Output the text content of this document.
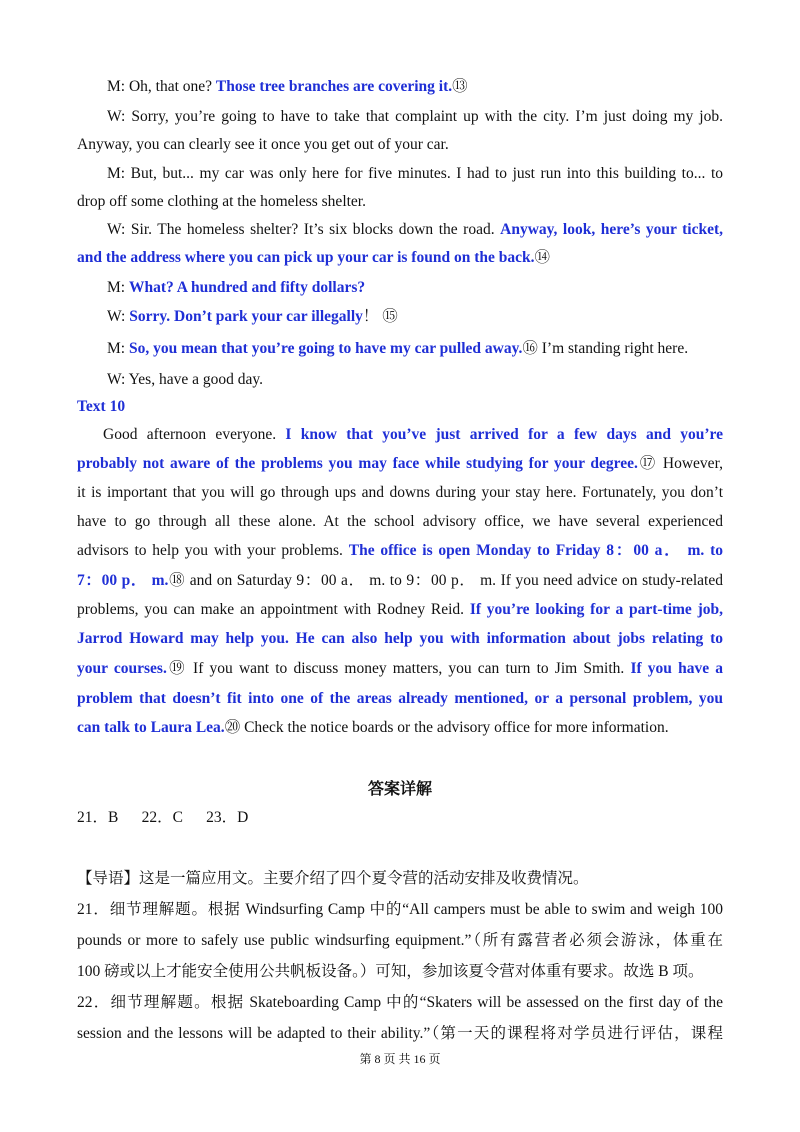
M: Oh, that one? Those tree branches are covering it.⑬
W: Sorry, you’re going to have to take that complaint up with the city. I’m just doing my job.
Anyway, you can clearly see it once you get out of your car.
M: But, but... my car was only here for five minutes. I had to just run into this building to... to
drop off some clothing at the homeless shelter.
W: Sir. The homeless shelter? It’s six blocks down the road. Anyway, look, here’s your ticket,
and the address where you can pick up your car is found on the back.⑭
M: What? A hundred and fifty dollars?
W: Sorry. Don’t park your car illegally！ ⑮
M: So, you mean that you’re going to have my car pulled away.⑯ I’m standing right here.
W: Yes, have a good day.
Text 10
Good afternoon everyone. I know that you’ve just arrived for a few days and you’re
probably not aware of the problems you may face while studying for your degree.⑰ However,
it is important that you will go through ups and downs during your stay here. Fortunately, you don’t
have to go through all these alone. At the school advisory office, we have several experienced
advisors to help you with your problems. The office is open Monday to Friday 8：00 a． m. to
7：00 p． m.⑱ and on Saturday 9：00 a． m. to 9：00 p． m. If you need advice on study-related
problems, you can make an appointment with Rodney Reid. If you’re looking for a part-time job,
Jarrod Howard may help you. He can also help you with information about jobs relating to
your courses.⑲ If you want to discuss money matters, you can turn to Jim Smith. If you have a
problem that doesn’t fit into one of the areas already mentioned, or a personal problem, you
can talk to Laura Lea.⑳ Check the notice boards or the advisory office for more information.
答案详解
21．B      22．C      23．D
【导语】这是一篇应用文。主要介绍了四个夏令营的活动安排及收费情况。
21．细节理解题。根据 Windsurfing Camp 中的“All campers must be able to swim and weigh 100
pounds or more to safely use public windsurfing equipment.”（所有露营者必须会游泳，体重在
100 磅或以上才能安全使用公共帆板设备。）可知，参加该夏令营对体重有要求。故选 B 项。
22．细节理解题。根据 Skateboarding Camp 中的“Skaters will be assessed on the first day of the
session and the lessons will be adapted to their ability.”（第一天的课程将对学员进行评估，课程
第 8 页 共 16 页
